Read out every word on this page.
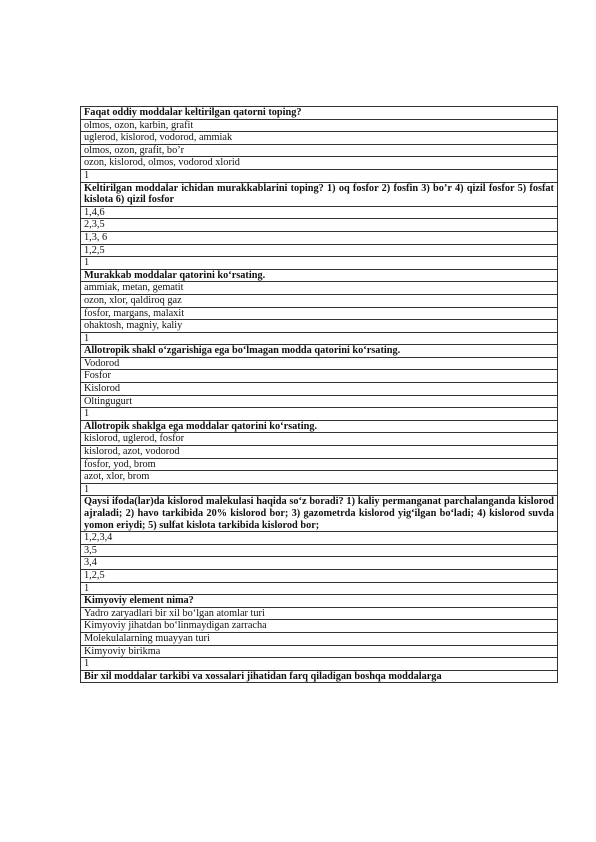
Faqat oddiy moddalar keltirilgan qatorni toping?
olmos, ozon, karbin, grafit
uglerod, kislorod, vodorod, ammiak
olmos, ozon, grafit, bo’r
ozon, kislorod, olmos, vodorod xlorid
1
Keltirilgan moddalar ichidan murakkablarini toping? 1) oq fosfor 2) fosfin 3) bo’r 4) qizil fosfor 5) fosfat kislota 6) qizil fosfor
1,4,6
2,3,5
1,3, 6
1,2,5
1
Murakkab moddalar qatorini koʻrsating.
ammiak, metan, gematit
ozon, xlor, qaldiroq gaz
fosfor, margans, malaxit
ohaktosh, magniy, kaliy
1
Allotropik shakl oʻzgarishiga ega boʻlmagan modda qatorini koʻrsating.
Vodorod
Fosfor
Kislorod
Oltingugurt
1
Allotropik shaklga ega moddalar qatorini koʻrsating.
kislorod, uglerod, fosfor
kislorod, azot, vodorod
fosfor, yod, brom
azot, xlor, brom
1
Qaysi ifoda(lar)da kislorod malekulasi haqida soʻz boradi? 1) kaliy permanganat parchalanganda kislorod ajraladi; 2) havo tarkibida 20% kislorod bor; 3) gazometrda kislorod yigʻilgan boʻladi; 4) kislorod suvda yomon eriydi; 5) sulfat kislota tarkibida kislorod bor;
1,2,3,4
3,5
3,4
1,2,5
1
Kimyoviy element nima?
Yadro zaryadlari bir xil boʻlgan atomlar turi
Kimyoviy jihatdan boʻlinmaydigan zarracha
Molekulalarning muayyan turi
Kimyoviy birikma
1
Bir xil moddalar tarkibi va xossalari jihatidan farq qiladigan boshqa moddalarga
